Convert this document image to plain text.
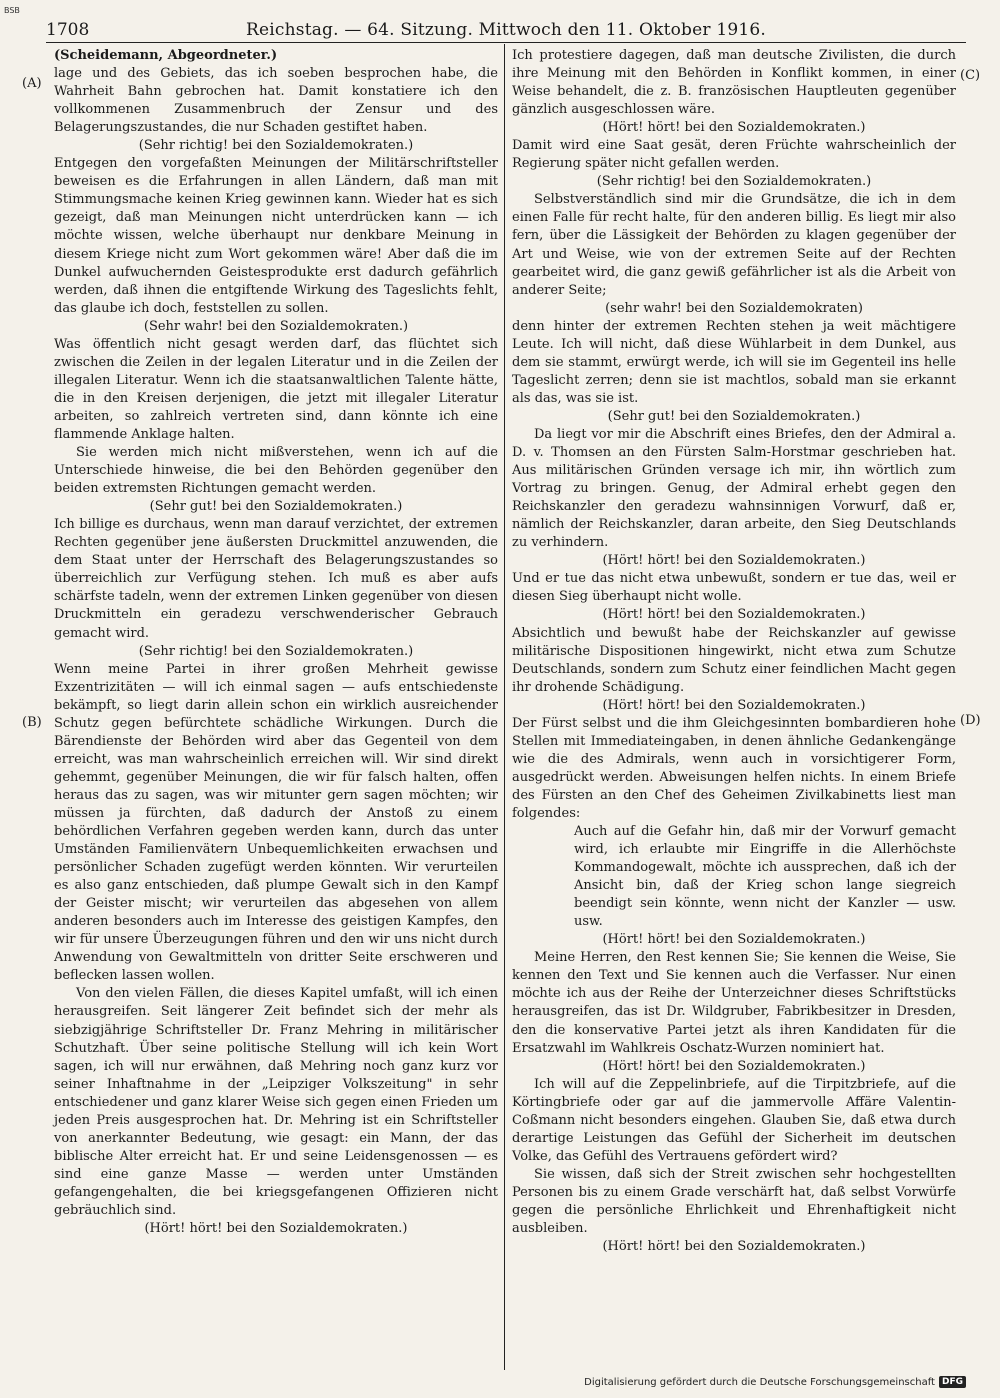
BSB
1708	Reichstag. — 64. Sitzung. Mittwoch den 11. Oktober 1916.
(A)
(B)
(C)
(D)

(Scheidemann, Abgeordneter.)

lage und des Gebiets, das ich soeben besprochen habe, die Wahrheit Bahn gebrochen hat. Damit konstatiere ich den vollkommenen Zusammenbruch der Zensur und des Belagerungszustandes, die nur Schaden gestiftet haben.

(Sehr richtig! bei den Sozialdemokraten.)

Entgegen den vorgefaßten Meinungen der Militärschriftsteller beweisen es die Erfahrungen in allen Ländern, daß man mit Stimmungsmache keinen Krieg gewinnen kann. Wieder hat es sich gezeigt, daß man Meinungen nicht unterdrücken kann — ich möchte wissen, welche überhaupt nur denkbare Meinung in diesem Kriege nicht zum Wort gekommen wäre! Aber daß die im Dunkel aufwuchernden Geistesprodukte erst dadurch gefährlich werden, daß ihnen die entgiftende Wirkung des Tageslichts fehlt, das glaube ich doch, feststellen zu sollen.

(Sehr wahr! bei den Sozialdemokraten.)

Was öffentlich nicht gesagt werden darf, das flüchtet sich zwischen die Zeilen in der legalen Literatur und in die Zeilen der illegalen Literatur. Wenn ich die staatsanwaltlichen Talente hätte, die in den Kreisen derjenigen, die jetzt mit illegaler Literatur arbeiten, so zahlreich vertreten sind, dann könnte ich eine flammende Anklage halten.

Sie werden mich nicht mißverstehen, wenn ich auf die Unterschiede hinweise, die bei den Behörden gegenüber den beiden extremsten Richtungen gemacht werden.

(Sehr gut! bei den Sozialdemokraten.)

Ich billige es durchaus, wenn man darauf verzichtet, der extremen Rechten gegenüber jene äußersten Druckmittel anzuwenden, die dem Staat unter der Herrschaft des Belagerungszustandes so überreichlich zur Verfügung stehen. Ich muß es aber aufs schärfste tadeln, wenn der extremen Linken gegenüber von diesen Druckmitteln ein geradezu verschwenderischer Gebrauch gemacht wird.

(Sehr richtig! bei den Sozialdemokraten.)

Wenn meine Partei in ihrer großen Mehrheit gewisse Exzentrizitäten — will ich einmal sagen — aufs entschiedenste bekämpft, so liegt darin allein schon ein wirklich ausreichender Schutz gegen befürchtete schädliche Wirkungen. Durch die Bärendienste der Behörden wird aber das Gegenteil von dem erreicht, was man wahrscheinlich erreichen will. Wir sind direkt gehemmt, gegenüber Meinungen, die wir für falsch halten, offen heraus das zu sagen, was wir mitunter gern sagen möchten; wir müssen ja fürchten, daß dadurch der Anstoß zu einem behördlichen Verfahren gegeben werden kann, durch das unter Umständen Familienvätern Unbequemlichkeiten erwachsen und persönlicher Schaden zugefügt werden könnten. Wir verurteilen es also ganz entschieden, daß plumpe Gewalt sich in den Kampf der Geister mischt; wir verurteilen das abgesehen von allem anderen besonders auch im Interesse des geistigen Kampfes, den wir für unsere Überzeugungen führen und den wir uns nicht durch Anwendung von Gewaltmitteln von dritter Seite erschweren und beflecken lassen wollen.

Von den vielen Fällen, die dieses Kapitel umfaßt, will ich einen herausgreifen. Seit längerer Zeit befindet sich der mehr als siebzigjährige Schriftsteller Dr. Franz Mehring in militärischer Schutzhaft. Über seine politische Stellung will ich kein Wort sagen, ich will nur erwähnen, daß Mehring noch ganz kurz vor seiner Inhaftnahme in der „Leipziger Volkszeitung" in sehr entschiedener und ganz klarer Weise sich gegen einen Frieden um jeden Preis ausgesprochen hat. Dr. Mehring ist ein Schriftsteller von anerkannter Bedeutung, wie gesagt: ein Mann, der das biblische Alter erreicht hat. Er und seine Leidensgenossen — es sind eine ganze Masse — werden unter Umständen gefangengehalten, die bei kriegsgefangenen Offizieren nicht gebräuchlich sind.

(Hört! hört! bei den Sozialdemokraten.)

Ich protestiere dagegen, daß man deutsche Zivilisten, die durch ihre Meinung mit den Behörden in Konflikt kommen, in einer Weise behandelt, die z. B. französischen Hauptleuten gegenüber gänzlich ausgeschlossen wäre.

(Hört! hört! bei den Sozialdemokraten.)

Damit wird eine Saat gesät, deren Früchte wahrscheinlich der Regierung später nicht gefallen werden.

(Sehr richtig! bei den Sozialdemokraten.)

Selbstverständlich sind mir die Grundsätze, die ich in dem einen Falle für recht halte, für den anderen billig. Es liegt mir also fern, über die Lässigkeit der Behörden zu klagen gegenüber der Art und Weise, wie von der extremen Seite auf der Rechten gearbeitet wird, die ganz gewiß gefährlicher ist als die Arbeit von anderer Seite;

(sehr wahr! bei den Sozialdemokraten)

denn hinter der extremen Rechten stehen ja weit mächtigere Leute. Ich will nicht, daß diese Wühlarbeit in dem Dunkel, aus dem sie stammt, erwürgt werde, ich will sie im Gegenteil ins helle Tageslicht zerren; denn sie ist machtlos, sobald man sie erkannt als das, was sie ist.

(Sehr gut! bei den Sozialdemokraten.)

Da liegt vor mir die Abschrift eines Briefes, den der Admiral a. D. v. Thomsen an den Fürsten Salm-Horstmar geschrieben hat. Aus militärischen Gründen versage ich mir, ihn wörtlich zum Vortrag zu bringen. Genug, der Admiral erhebt gegen den Reichskanzler den geradezu wahnsinnigen Vorwurf, daß er, nämlich der Reichskanzler, daran arbeite, den Sieg Deutschlands zu verhindern.

(Hört! hört! bei den Sozialdemokraten.)

Und er tue das nicht etwa unbewußt, sondern er tue das, weil er diesen Sieg überhaupt nicht wolle.

(Hört! hört! bei den Sozialdemokraten.)

Absichtlich und bewußt habe der Reichskanzler auf gewisse militärische Dispositionen hingewirkt, nicht etwa zum Schutze Deutschlands, sondern zum Schutz einer feindlichen Macht gegen ihr drohende Schädigung.

(Hört! hört! bei den Sozialdemokraten.)

Der Fürst selbst und die ihm Gleichgesinnten bombardieren hohe Stellen mit Immediateingaben, in denen ähnliche Gedankengänge wie die des Admirals, wenn auch in vorsichtigerer Form, ausgedrückt werden. Abweisungen helfen nichts. In einem Briefe des Fürsten an den Chef des Geheimen Zivilkabinetts liest man folgendes:

Auch auf die Gefahr hin, daß mir der Vorwurf gemacht wird, ich erlaubte mir Eingriffe in die Allerhöchste Kommandogewalt, möchte ich aussprechen, daß ich der Ansicht bin, daß der Krieg schon lange siegreich beendigt sein könnte, wenn nicht der Kanzler — usw. usw.

(Hört! hört! bei den Sozialdemokraten.)

Meine Herren, den Rest kennen Sie; Sie kennen die Weise, Sie kennen den Text und Sie kennen auch die Verfasser. Nur einen möchte ich aus der Reihe der Unterzeichner dieses Schriftstücks herausgreifen, das ist Dr. Wildgruber, Fabrikbesitzer in Dresden, den die konservative Partei jetzt als ihren Kandidaten für die Ersatzwahl im Wahlkreis Oschatz-Wurzen nominiert hat.

(Hört! hört! bei den Sozialdemokraten.)

Ich will auf die Zeppelinbriefe, auf die Tirpitzbriefe, auf die Körtingbriefe oder gar auf die jammervolle Affäre Valentin-Coßmann nicht besonders eingehen. Glauben Sie, daß etwa durch derartige Leistungen das Gefühl der Sicherheit im deutschen Volke, das Gefühl des Vertrauens gefördert wird?

Sie wissen, daß sich der Streit zwischen sehr hochgestellten Personen bis zu einem Grade verschärft hat, daß selbst Vorwürfe gegen die persönliche Ehrlichkeit und Ehrenhaftigkeit nicht ausbleiben.

(Hört! hört! bei den Sozialdemokraten.)

Digitalisierung gefördert durch die Deutsche Forschungsgemeinschaft DFG
